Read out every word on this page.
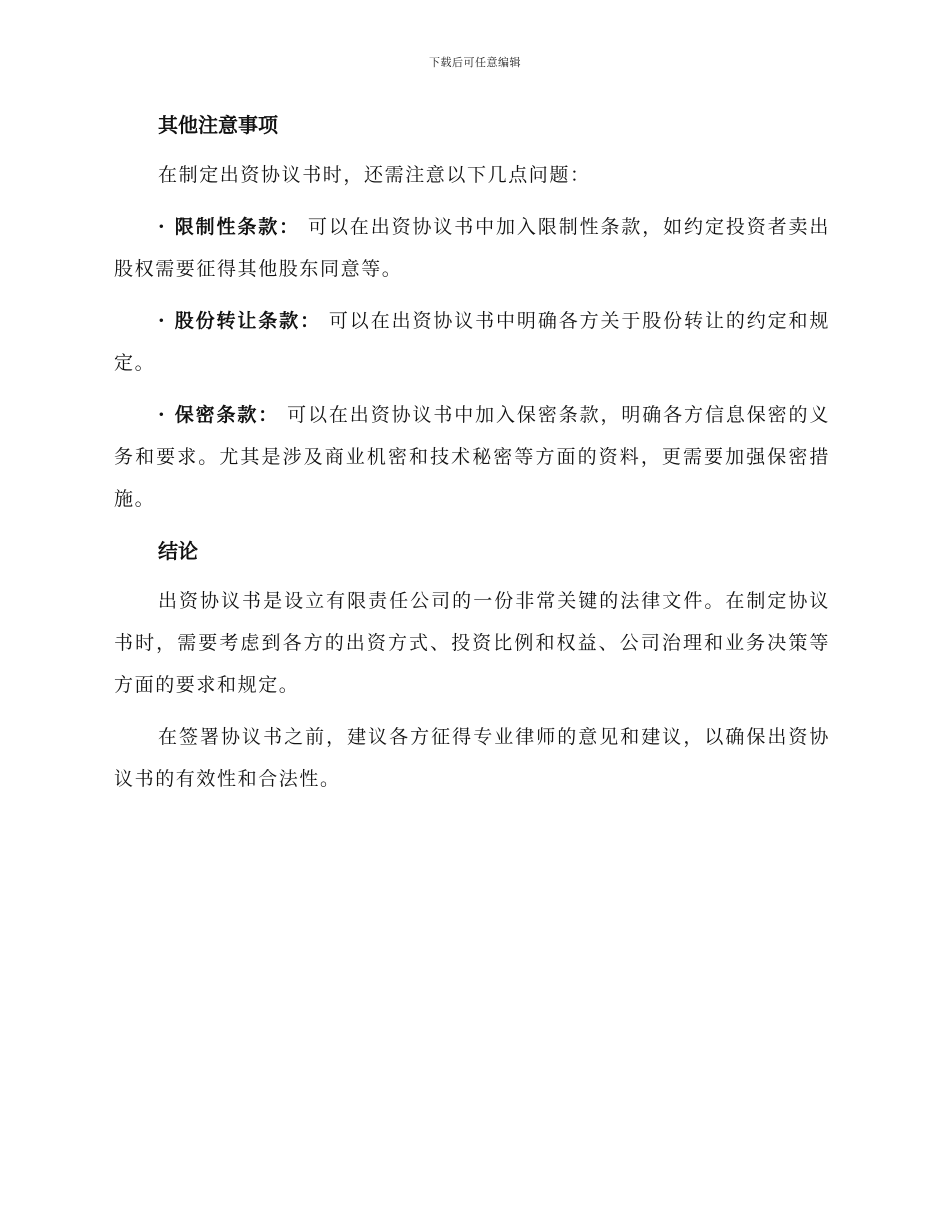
下载后可任意编辑
其他注意事项

在制定出资协议书时，还需注意以下几点问题：

· 限制性条款： 可以在出资协议书中加入限制性条款，如约定投资者卖出股权需要征得其他股东同意等。

· 股份转让条款： 可以在出资协议书中明确各方关于股份转让的约定和规定。

· 保密条款： 可以在出资协议书中加入保密条款，明确各方信息保密的义务和要求。尤其是涉及商业机密和技术秘密等方面的资料，更需要加强保密措施。

结论

出资协议书是设立有限责任公司的一份非常关键的法律文件。在制定协议书时，需要考虑到各方的出资方式、投资比例和权益、公司治理和业务决策等方面的要求和规定。

在签署协议书之前，建议各方征得专业律师的意见和建议，以确保出资协议书的有效性和合法性。
